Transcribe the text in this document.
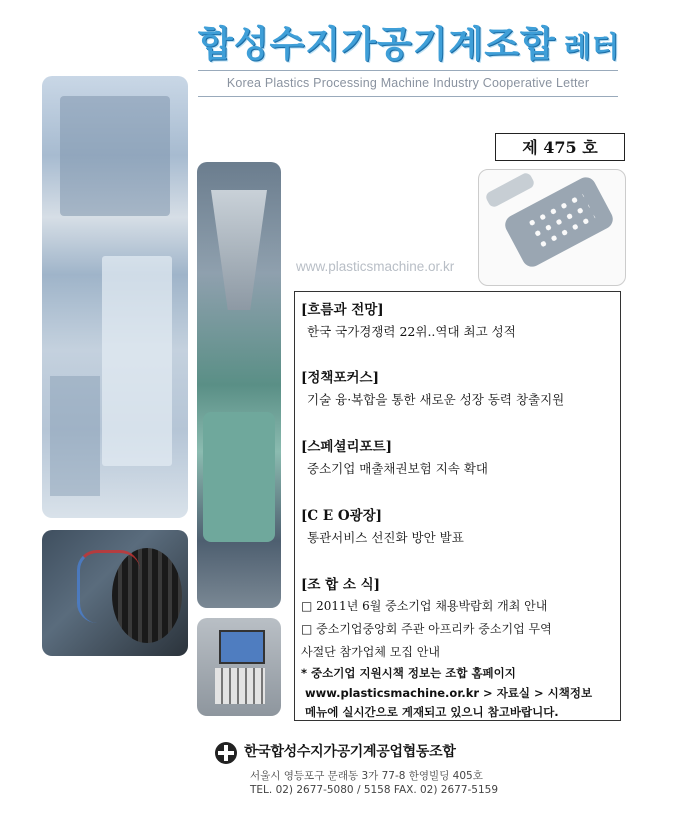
합성수지가공기계조합 레터
Korea Plastics Processing Machine Industry Cooperative Letter
제 475 호
www.plasticsmachine.or.kr
[흐름과 전망]
한국 국가경쟁력 22위..역대 최고 성적
[정책포커스]
기술 융·복합을 통한 새로운 성장 동력 창출지원
[스페셜리포트]
중소기업 매출채권보험 지속 확대
[C E O광장]
통관서비스 선진화 방안 발표
[조 합 소 식]
□ 2011년 6월 중소기업 채용박람회 개최 안내
□ 중소기업중앙회 주관 아프리카 중소기업 무역
사절단 참가업체 모집 안내
* 중소기업 지원시책 정보는 조합 홈페이지
www.plasticsmachine.or.kr > 자료실 > 시책정보
메뉴에 실시간으로 게재되고 있으니 참고바랍니다.
한국합성수지가공기계공업협동조합
서울시 영등포구 문래동 3가 77-8 한영빌딩 405호
TEL. 02) 2677-5080 / 5158 FAX. 02) 2677-5159
